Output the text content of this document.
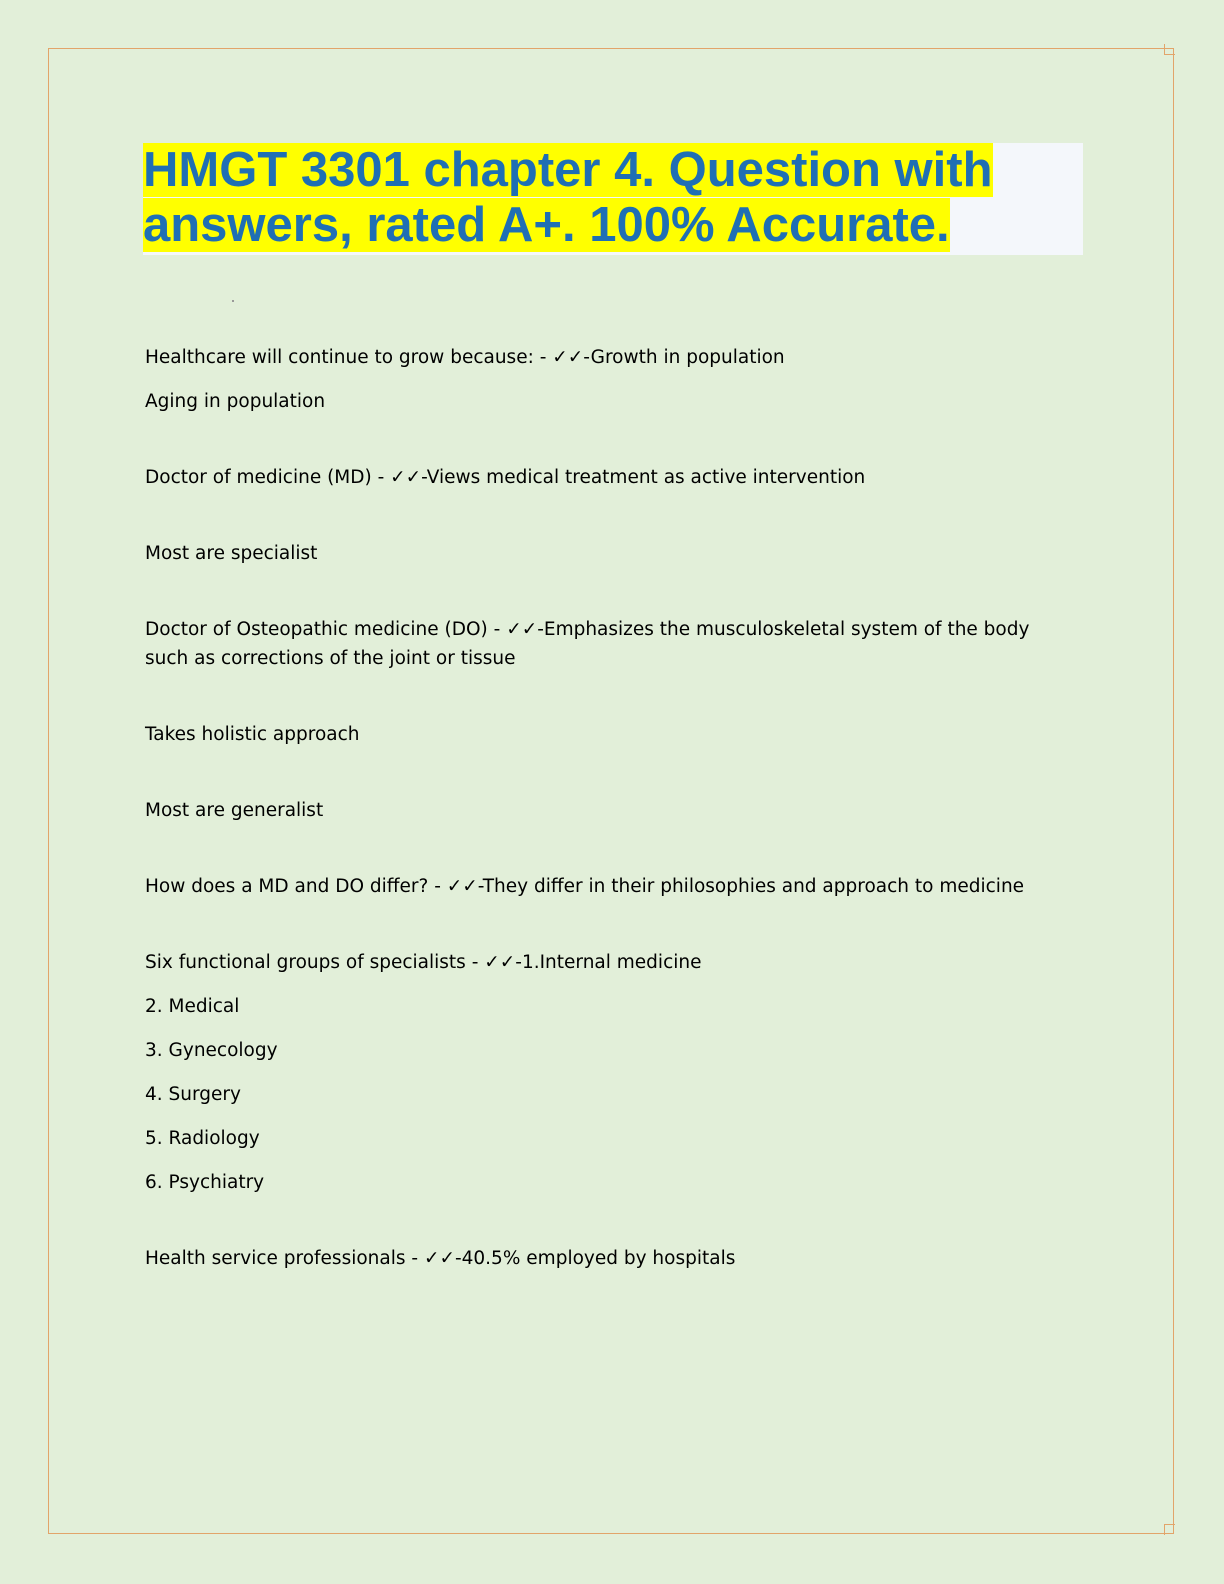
HMGT 3301 chapter 4. Question with answers, rated A+. 100% Accurate.
Healthcare will continue to grow because: - ✓✓-Growth in population
Aging in population
Doctor of medicine (MD) - ✓✓-Views medical treatment as active intervention
Most are specialist
Doctor of Osteopathic medicine (DO) - ✓✓-Emphasizes the musculoskeletal system of the body such as corrections of the joint or tissue
Takes holistic approach
Most are generalist
How does a MD and DO differ? - ✓✓-They differ in their philosophies and approach to medicine
Six functional groups of specialists - ✓✓-1.Internal medicine
2. Medical
3. Gynecology
4. Surgery
5. Radiology
6. Psychiatry
Health service professionals - ✓✓-40.5% employed by hospitals
